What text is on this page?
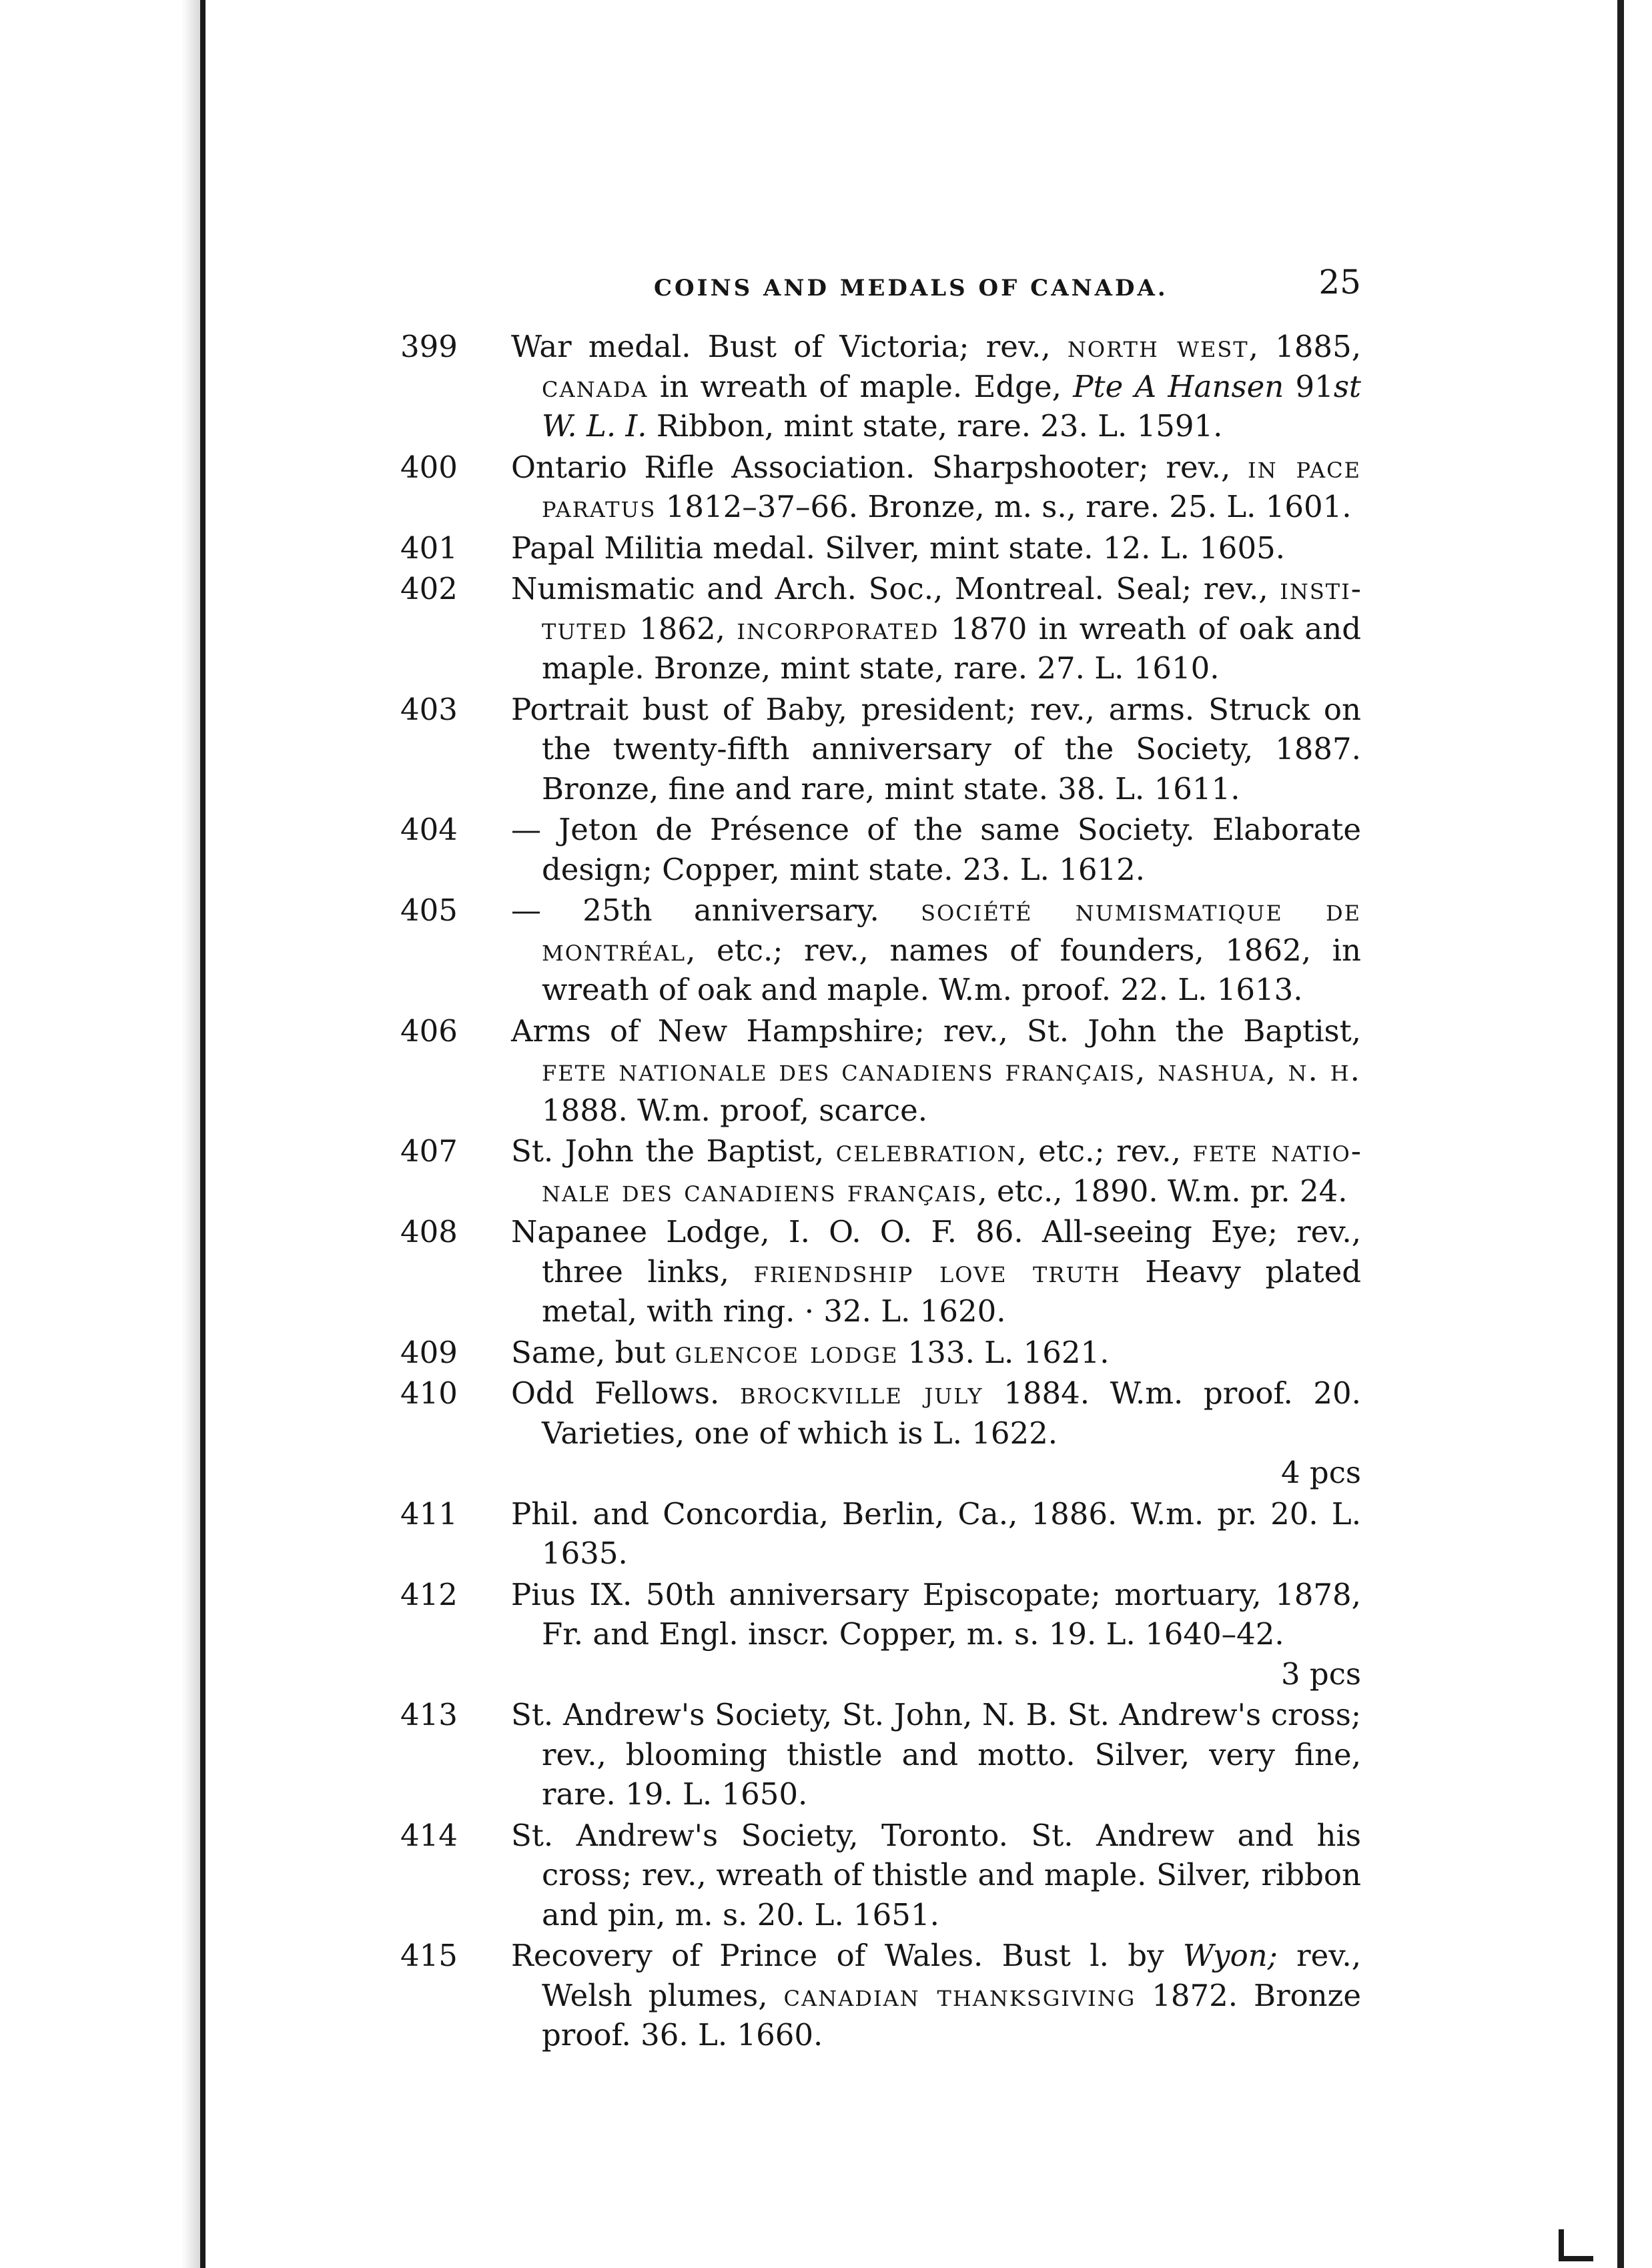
COINS AND MEDALS OF CANADA.	25
399 War medal. Bust of Victoria; rev., north west, 1885, canada in wreath of maple. Edge, Pte A Hansen 91st W. L. I. Ribbon, mint state, rare. 23. L. 1591.
400 Ontario Rifle Association. Sharpshooter; rev., in pace paratus 1812–37–66. Bronze, m. s., rare. 25. L. 1601.
401 Papal Militia medal. Silver, mint state. 12. L. 1605.
402 Numismatic and Arch. Soc., Montreal. Seal; rev., instituted 1862, incorporated 1870 in wreath of oak and maple. Bronze, mint state, rare. 27. L. 1610.
403 Portrait bust of Baby, president; rev., arms. Struck on the twenty-fifth anniversary of the Society, 1887. Bronze, fine and rare, mint state. 38. L. 1611.
404 — Jeton de Présence of the same Society. Elaborate design; Copper, mint state. 23. L. 1612.
405 — 25th anniversary. société numismatique de montréal, etc.; rev., names of founders, 1862, in wreath of oak and maple. W.m. proof. 22. L. 1613.
406 Arms of New Hampshire; rev., St. John the Baptist, fete nationale des canadiens français, nashua, n. h. 1888. W.m. proof, scarce.
407 St. John the Baptist, celebration, etc.; rev., fete nationale des canadiens français, etc., 1890. W.m. pr. 24.
408 Napanee Lodge, I. O. O. F. 86. All-seeing Eye; rev., three links, friendship love truth Heavy plated metal, with ring. · 32. L. 1620.
409 Same, but glencoe lodge 133. L. 1621.
410 Odd Fellows. brockville july 1884. W.m. proof. 20. Varieties, one of which is L. 1622.
4 pcs
411 Phil. and Concordia, Berlin, Ca., 1886. W.m. pr. 20. L. 1635.
412 Pius IX. 50th anniversary Episcopate; mortuary, 1878, Fr. and Engl. inscr. Copper, m. s. 19. L. 1640–42.
3 pcs
413 St. Andrew's Society, St. John, N. B. St. Andrew's cross; rev., blooming thistle and motto. Silver, very fine, rare. 19. L. 1650.
414 St. Andrew's Society, Toronto. St. Andrew and his cross; rev., wreath of thistle and maple. Silver, ribbon and pin, m. s. 20. L. 1651.
415 Recovery of Prince of Wales. Bust l. by Wyon; rev., Welsh plumes, canadian thanksgiving 1872. Bronze proof. 36. L. 1660.
